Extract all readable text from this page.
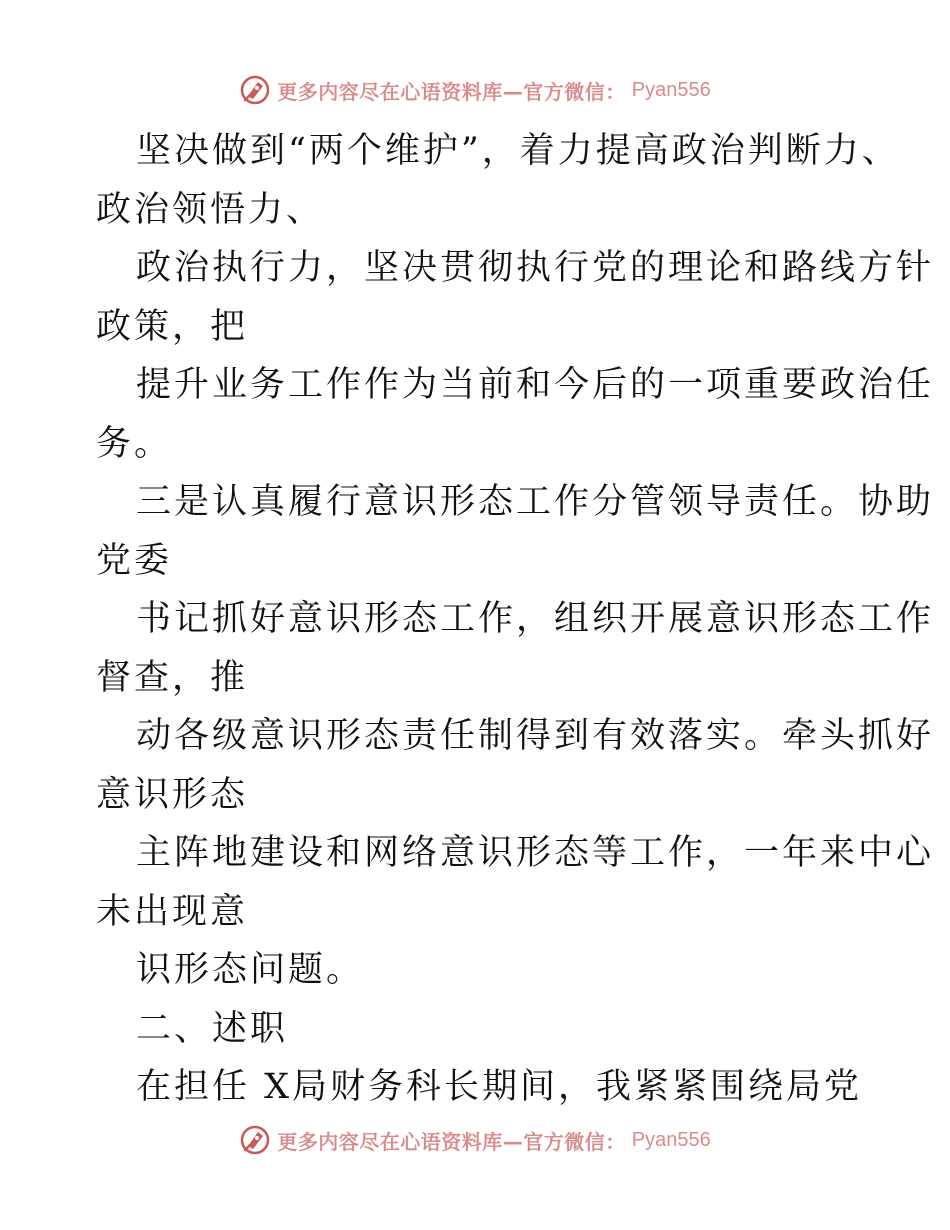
更多内容尽在心语资料库—官方微信： Pyan556
坚决做到“两个维护”，着力提高政治判断力、
政治领悟力、
政治执行力，坚决贯彻执行党的理论和路线方针
政策，把
提升业务工作作为当前和今后的一项重要政治任
务。
三是认真履行意识形态工作分管领导责任。协助
党委
书记抓好意识形态工作，组织开展意识形态工作
督查，推
动各级意识形态责任制得到有效落实。牵头抓好
意识形态
主阵地建设和网络意识形态等工作，一年来中心
未出现意
识形态问题。
二、述职
在担任 X局财务科长期间，我紧紧围绕局党
更多内容尽在心语资料库—官方微信： Pyan556
